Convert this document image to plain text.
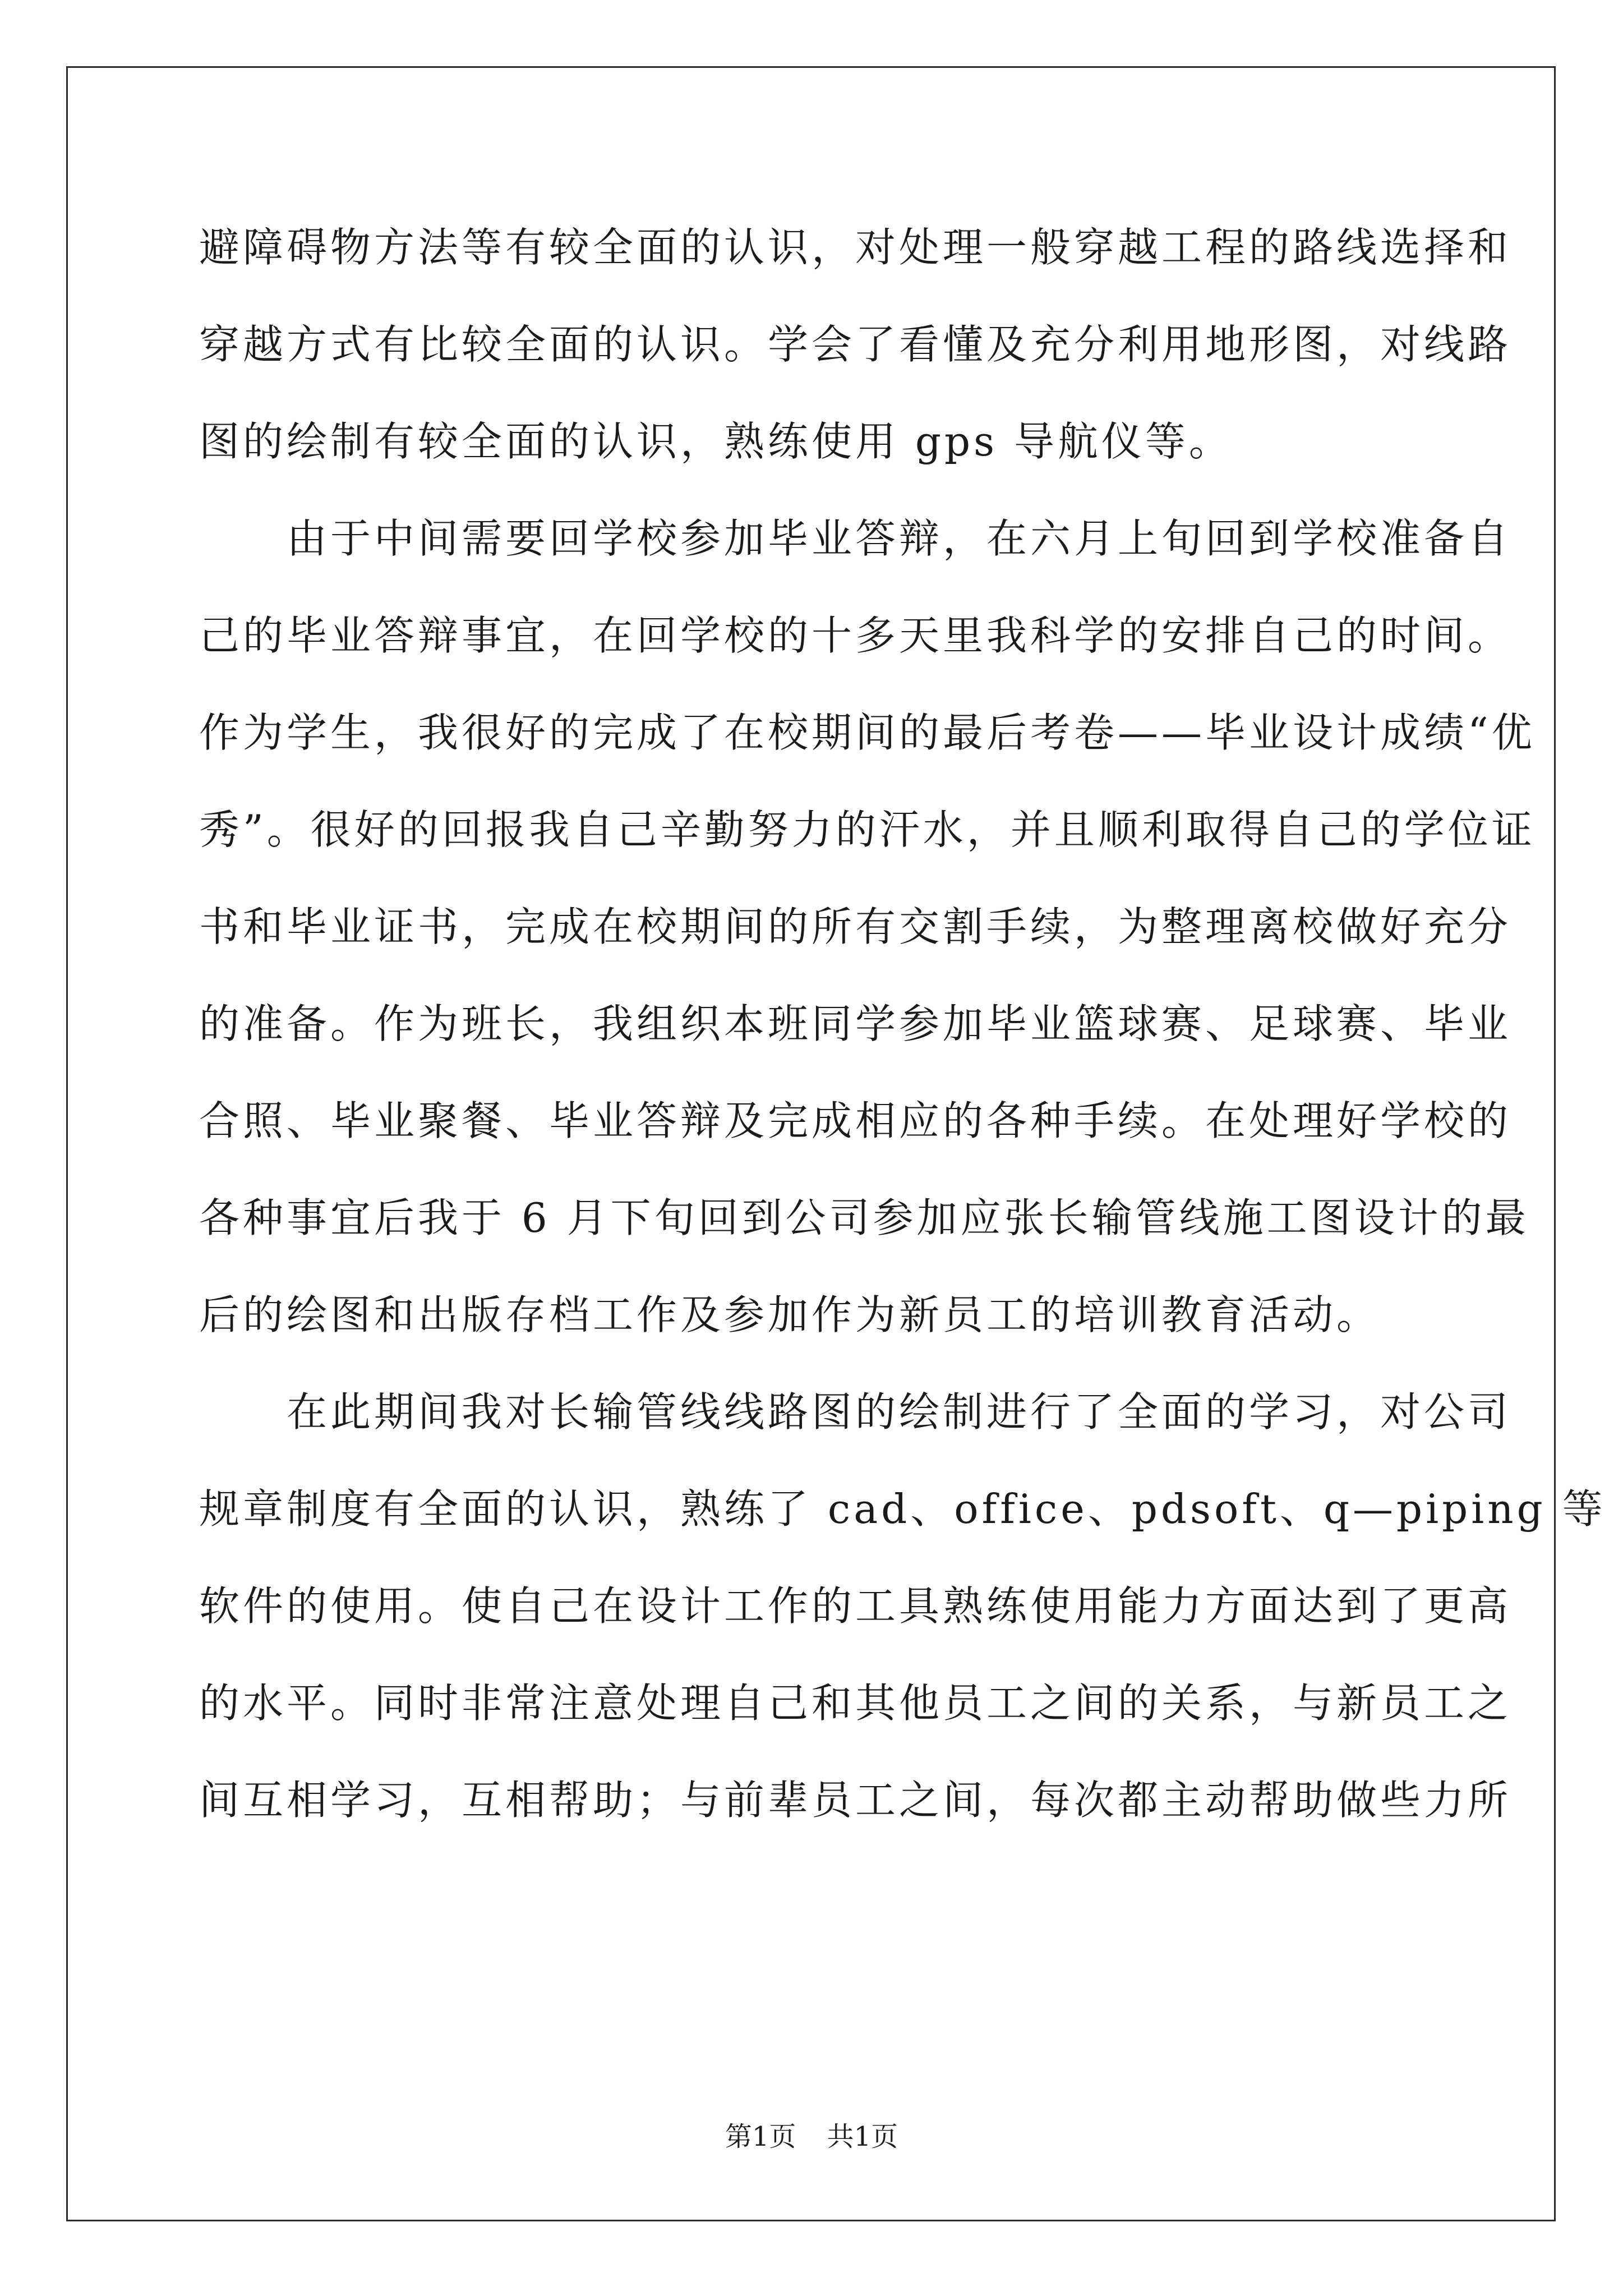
避障碍物方法等有较全面的认识，对处理一般穿越工程的路线选择和
穿越方式有比较全面的认识。学会了看懂及充分利用地形图，对线路
图的绘制有较全面的认识，熟练使用 gps 导航仪等。
　　由于中间需要回学校参加毕业答辩，在六月上旬回到学校准备自
己的毕业答辩事宜，在回学校的十多天里我科学的安排自己的时间。
作为学生，我很好的完成了在校期间的最后考卷——毕业设计成绩“优
秀”。很好的回报我自己辛勤努力的汗水，并且顺利取得自己的学位证
书和毕业证书，完成在校期间的所有交割手续，为整理离校做好充分
的准备。作为班长，我组织本班同学参加毕业篮球赛、足球赛、毕业
合照、毕业聚餐、毕业答辩及完成相应的各种手续。在处理好学校的
各种事宜后我于 6 月下旬回到公司参加应张长输管线施工图设计的最
后的绘图和出版存档工作及参加作为新员工的培训教育活动。
　　在此期间我对长输管线线路图的绘制进行了全面的学习，对公司
规章制度有全面的认识，熟练了 cad、office、pdsoft、q—piping 等
软件的使用。使自己在设计工作的工具熟练使用能力方面达到了更高
的水平。同时非常注意处理自己和其他员工之间的关系，与新员工之
间互相学习，互相帮助；与前辈员工之间，每次都主动帮助做些力所
第1页 共1页
